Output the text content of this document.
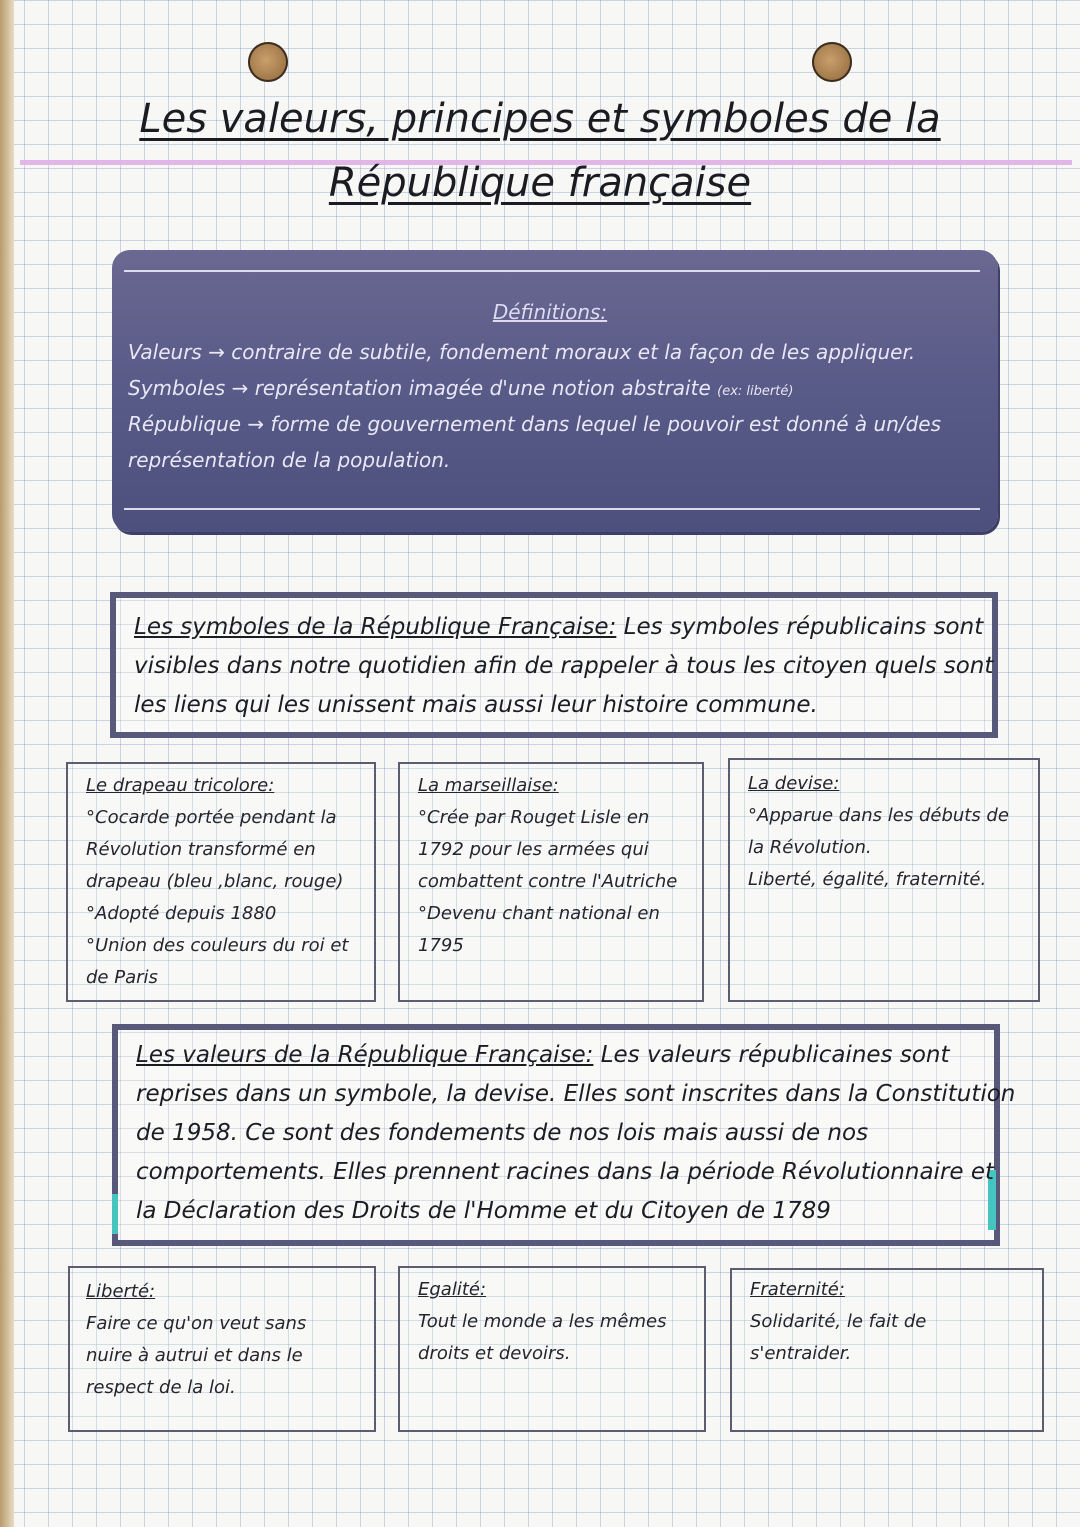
Les valeurs, principes et symboles de la
République française
Définitions:
Valeurs → contraire de subtile, fondement moraux et la façon de les appliquer.
Symboles → représentation imagée d'une notion abstraite (ex: liberté)
République → forme de gouvernement dans lequel le pouvoir est donné à un/des
représentation de la population.
Les symboles de la République Française: Les symboles républicains sont
visibles dans notre quotidien afin de rappeler à tous les citoyen quels sont
les liens qui les unissent mais aussi leur histoire commune.
Le drapeau tricolore:
°Cocarde portée pendant la
Révolution transformé en
drapeau (bleu ,blanc, rouge)
°Adopté depuis 1880
°Union des couleurs du roi et
de Paris
La marseillaise:
°Crée par Rouget Lisle en
1792 pour les armées qui
combattent contre l'Autriche
°Devenu chant national en
1795
La devise:
°Apparue dans les débuts de
la Révolution.
Liberté, égalité, fraternité.
Les valeurs de la République Française: Les valeurs républicaines sont
reprises dans un symbole, la devise. Elles sont inscrites dans la Constitution
de 1958. Ce sont des fondements de nos lois mais aussi de nos
comportements. Elles prennent racines dans la période Révolutionnaire et
la Déclaration des Droits de l'Homme et du Citoyen de 1789
Liberté:
Faire ce qu'on veut sans
nuire à autrui et dans le
respect de la loi.
Egalité:
Tout le monde a les mêmes
droits et devoirs.
Fraternité:
Solidarité, le fait de
s'entraider.
